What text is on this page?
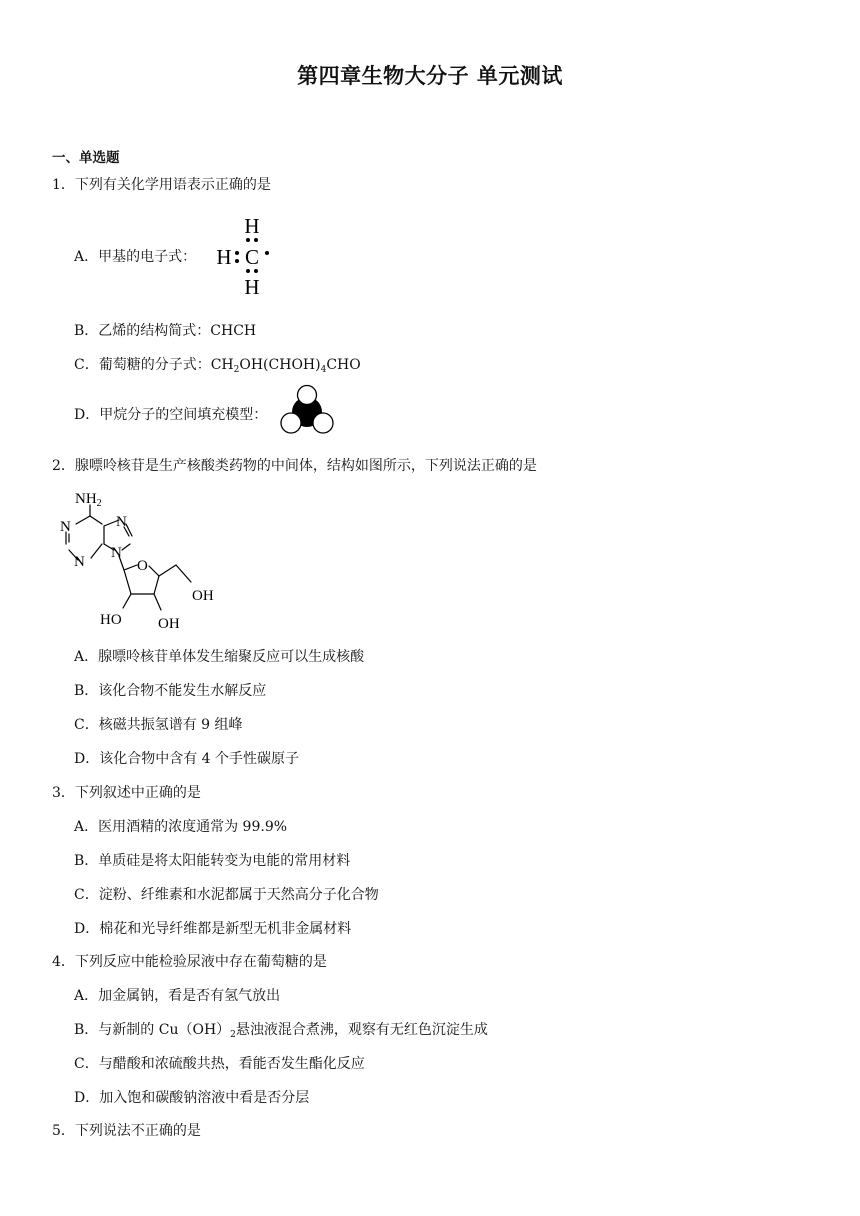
第四章生物大分子 单元测试
一、单选题
1．下列有关化学用语表示正确的是
A．甲基的电子式：
H
H C
H
B．乙烯的结构简式：CHCH
C．葡萄糖的分子式：$CH_2OH(CHOH)_4CHO$
D．甲烷分子的空间填充模型：
2．腺嘌呤核苷是生产核酸类药物的中间体，结构如图所示，下列说法正确的是
$NH_2$
N
N
N
N
O
OH
HO OH
A．腺嘌呤核苷单体发生缩聚反应可以生成核酸
B．该化合物不能发生水解反应
C．核磁共振氢谱有 9 组峰
D．该化合物中含有 4 个手性碳原子
3．下列叙述中正确的是
A．医用酒精的浓度通常为 99.9%
B．单质硅是将太阳能转变为电能的常用材料
C．淀粉、纤维素和水泥都属于天然高分子化合物
D．棉花和光导纤维都是新型无机非金属材料
4．下列反应中能检验尿液中存在葡萄糖的是
A．加金属钠，看是否有氢气放出
B．与新制的 $Cu(OH)_2$悬浊液混合煮沸，观察有无红色沉淀生成
C．与醋酸和浓硫酸共热，看能否发生酯化反应
D．加入饱和碳酸钠溶液中看是否分层
5．下列说法不正确的是
